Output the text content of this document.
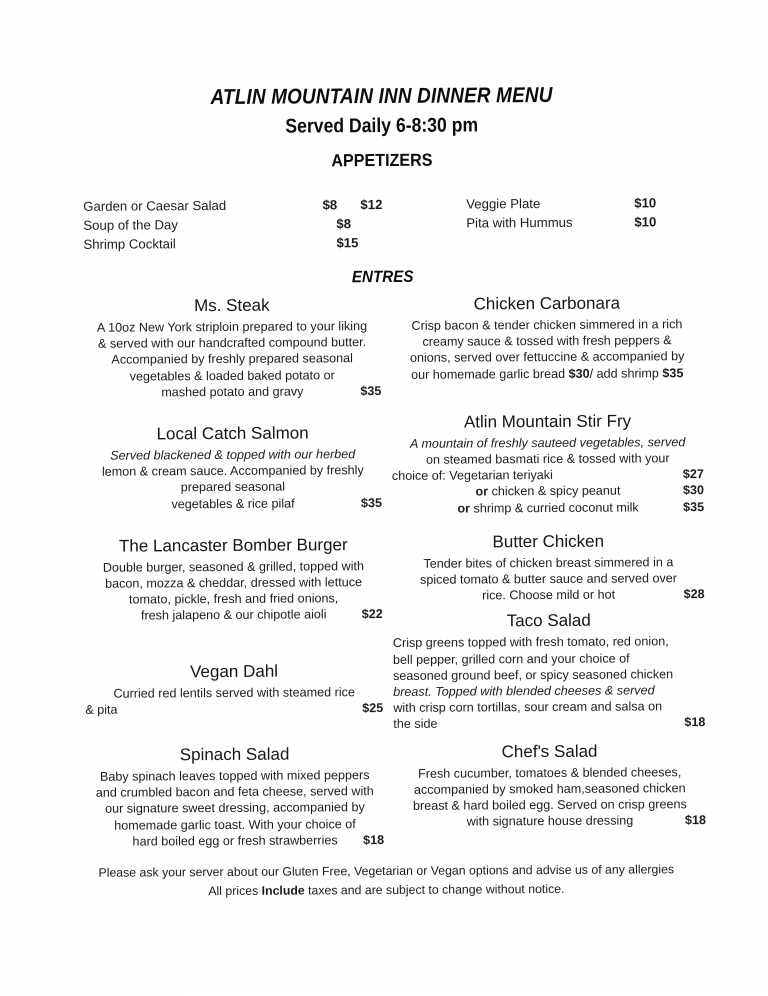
ATLIN MOUNTAIN INN DINNER MENU
Served Daily 6-8:30 pm
APPETIZERS
Garden or Caesar Salad	$8	$12
Soup of the Day	$8
Shrimp Cocktail	$15
Veggie Plate	$10
Pita with Hummus	$10
ENTRES
Ms. Steak
A 10oz New York striploin prepared to your liking
& served with our handcrafted compound butter.
Accompanied by freshly prepared seasonal
vegetables & loaded baked potato or
mashed potato and gravy	$35
Local Catch Salmon
Served blackened & topped with our herbed
lemon & cream sauce. Accompanied by freshly
prepared seasonal
vegetables & rice pilaf	$35
The Lancaster Bomber Burger
Double burger, seasoned & grilled, topped with
bacon, mozza & cheddar, dressed with lettuce
tomato, pickle, fresh and fried onions,
fresh jalapeno & our chipotle aioli	$22
Vegan Dahl
Curried red lentils served with steamed rice
& pita	$25
Spinach Salad
Baby spinach leaves topped with mixed peppers
and crumbled bacon and feta cheese, served with
our signature sweet dressing, accompanied by
homemade garlic toast. With your choice of
hard boiled egg or fresh strawberries $18
Chicken Carbonara
Crisp bacon & tender chicken simmered in a rich
creamy sauce & tossed with fresh peppers &
onions, served over fettuccine & accompanied by
our homemade garlic bread $30/ add shrimp $35
Atlin Mountain Stir Fry
A mountain of freshly sauteed vegetables, served
on steamed basmati rice & tossed with your
choice of: Vegetarian teriyaki	$27
or chicken & spicy peanut	$30
or shrimp & curried coconut milk	$35
Butter Chicken
Tender bites of chicken breast simmered in a
spiced tomato & butter sauce and served over
rice. Choose mild or hot	$28
Taco Salad
Crisp greens topped with fresh tomato, red onion,
bell pepper, grilled corn and your choice of
seasoned ground beef, or spicy seasoned chicken
breast. Topped with blended cheeses & served
with crisp corn tortillas, sour cream and salsa on
the side	$18
Chef's Salad
Fresh cucumber, tomatoes & blended cheeses,
accompanied by smoked ham,seasoned chicken
breast & hard boiled egg. Served on crisp greens
with signature house dressing	$18
Please ask your server about our Gluten Free, Vegetarian or Vegan options and advise us of any allergies
All prices Include taxes and are subject to change without notice.
